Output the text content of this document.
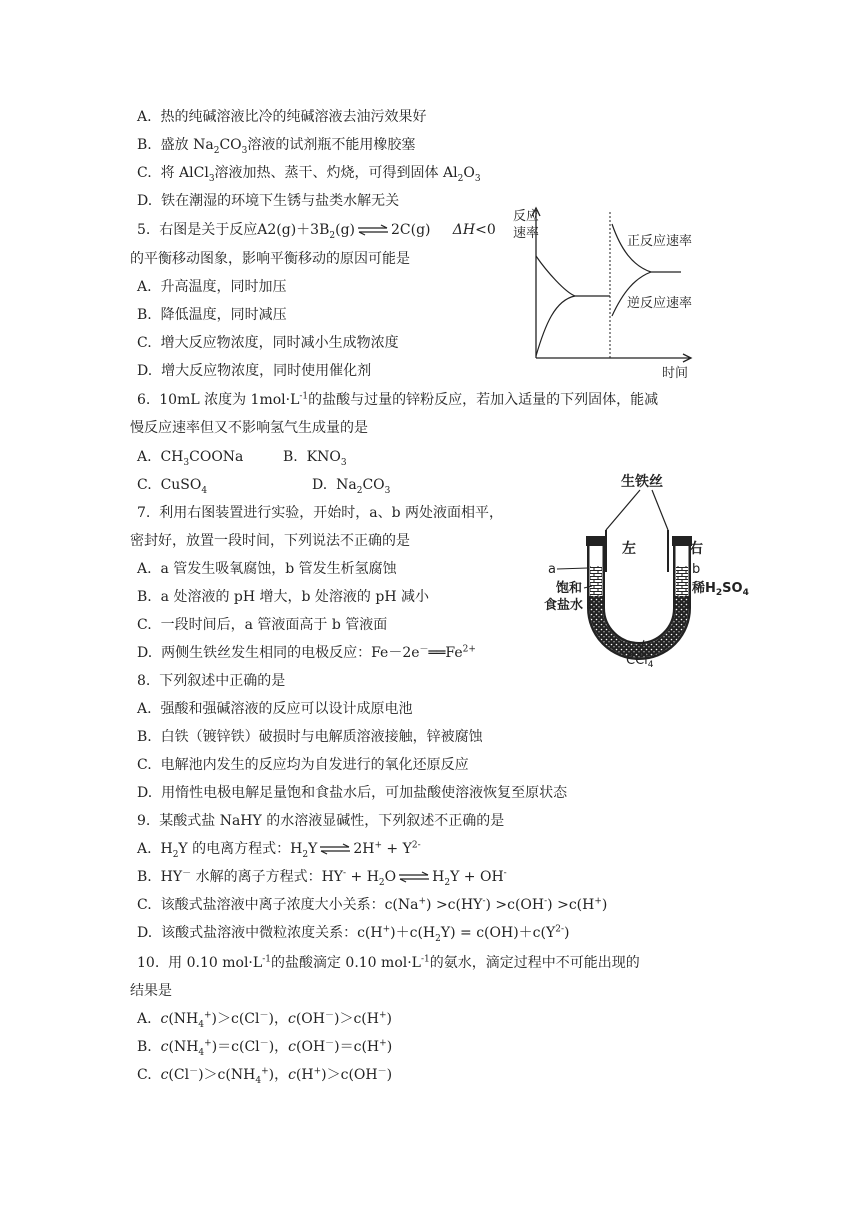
A. 热的纯碱溶液比冷的纯碱溶液去油污效果好
B. 盛放 $Na_2CO_3$溶液的试剂瓶不能用橡胶塞
C. 将 AlCl$_3$溶液加热、蒸干、灼烧，可得到固体 $Al_2O_3$
D. 铁在潮湿的环境下生锈与盐类水解无关
5. 右图是关于反应$A2(g)+3B_2(g)$ ⇌ 2C(g) ΔH<0
的平衡移动图象，影响平衡移动的原因可能是
A. 升高温度，同时加压
B. 降低温度，同时减压
C. 增大反应物浓度，同时减小生成物浓度
D. 增大反应物浓度，同时使用催化剂
反应
速率
时间
正反应速率
逆反应速率
6. 10mL 浓度为 $1mol\cdot L^{-1}$的盐酸与过量的锌粉反应，若加入适量的下列固体，能减
慢反应速率但又不影响氢气生成量的是
A. $CH_3COONa$	B. $KNO_3$
C. CuSO$_4$	D. $Na_2CO_3$
7. 利用右图装置进行实验，开始时，a、b 两处液面相平，
密封好，放置一段时间，下列说法不正确的是
A. a 管发生吸氧腐蚀，b 管发生析氢腐蚀
B. a 处溶液的 pH 增大，b 处溶液的 pH 减小
C. 一段时间后，a 管液面高于 b 管液面
D. 两侧生铁丝发生相同的电极反应：$Fe-2e^-══Fe^{2+}$
生铁丝
左	右
a	b
饱和
食盐水
稀$H_2SO_4$
CCl$_4$
8. 下列叙述中正确的是
A. 强酸和强碱溶液的反应可以设计成原电池
B. 白铁（镀锌铁）破损时与电解质溶液接触，锌被腐蚀
C. 电解池内发生的反应均为自发进行的氧化还原反应
D. 用惰性电极电解足量饱和食盐水后，可加盐酸使溶液恢复至原状态
9. 某酸式盐 NaHY 的水溶液显碱性，下列叙述不正确的是
A. $H_2Y$ 的电离方程式：$H_2Y$ ⇌ $2H^+ + Y^{2-}$
B. HY－ 水解的离子方程式：$HY^- + H_2O$ ⇌ $H_2Y + OH^-$
C. 该酸式盐溶液中离子浓度大小关系：c(Na+) >c(HY-) >c(OH-) >c(H+)
D. 该酸式盐溶液中微粒浓度关系：$c(H^+)+c(H_2Y) = c(OH)+c(Y^{2-})$
10. 用 0.10 $mol\cdot L^{-1}$的盐酸滴定 0.10 $mol\cdot L^{-1}$的氨水，滴定过程中不可能出现的
结果是
A. $c(NH_4^+)>c(Cl^-)$，c(OH－)＞c(H+)
B. $c(NH_4^+)=c(Cl^-)$，c(OH－)＝c(H+)
C. $c(Cl^-)>c(NH_4^+)$，c(H+)＞c(OH－)
